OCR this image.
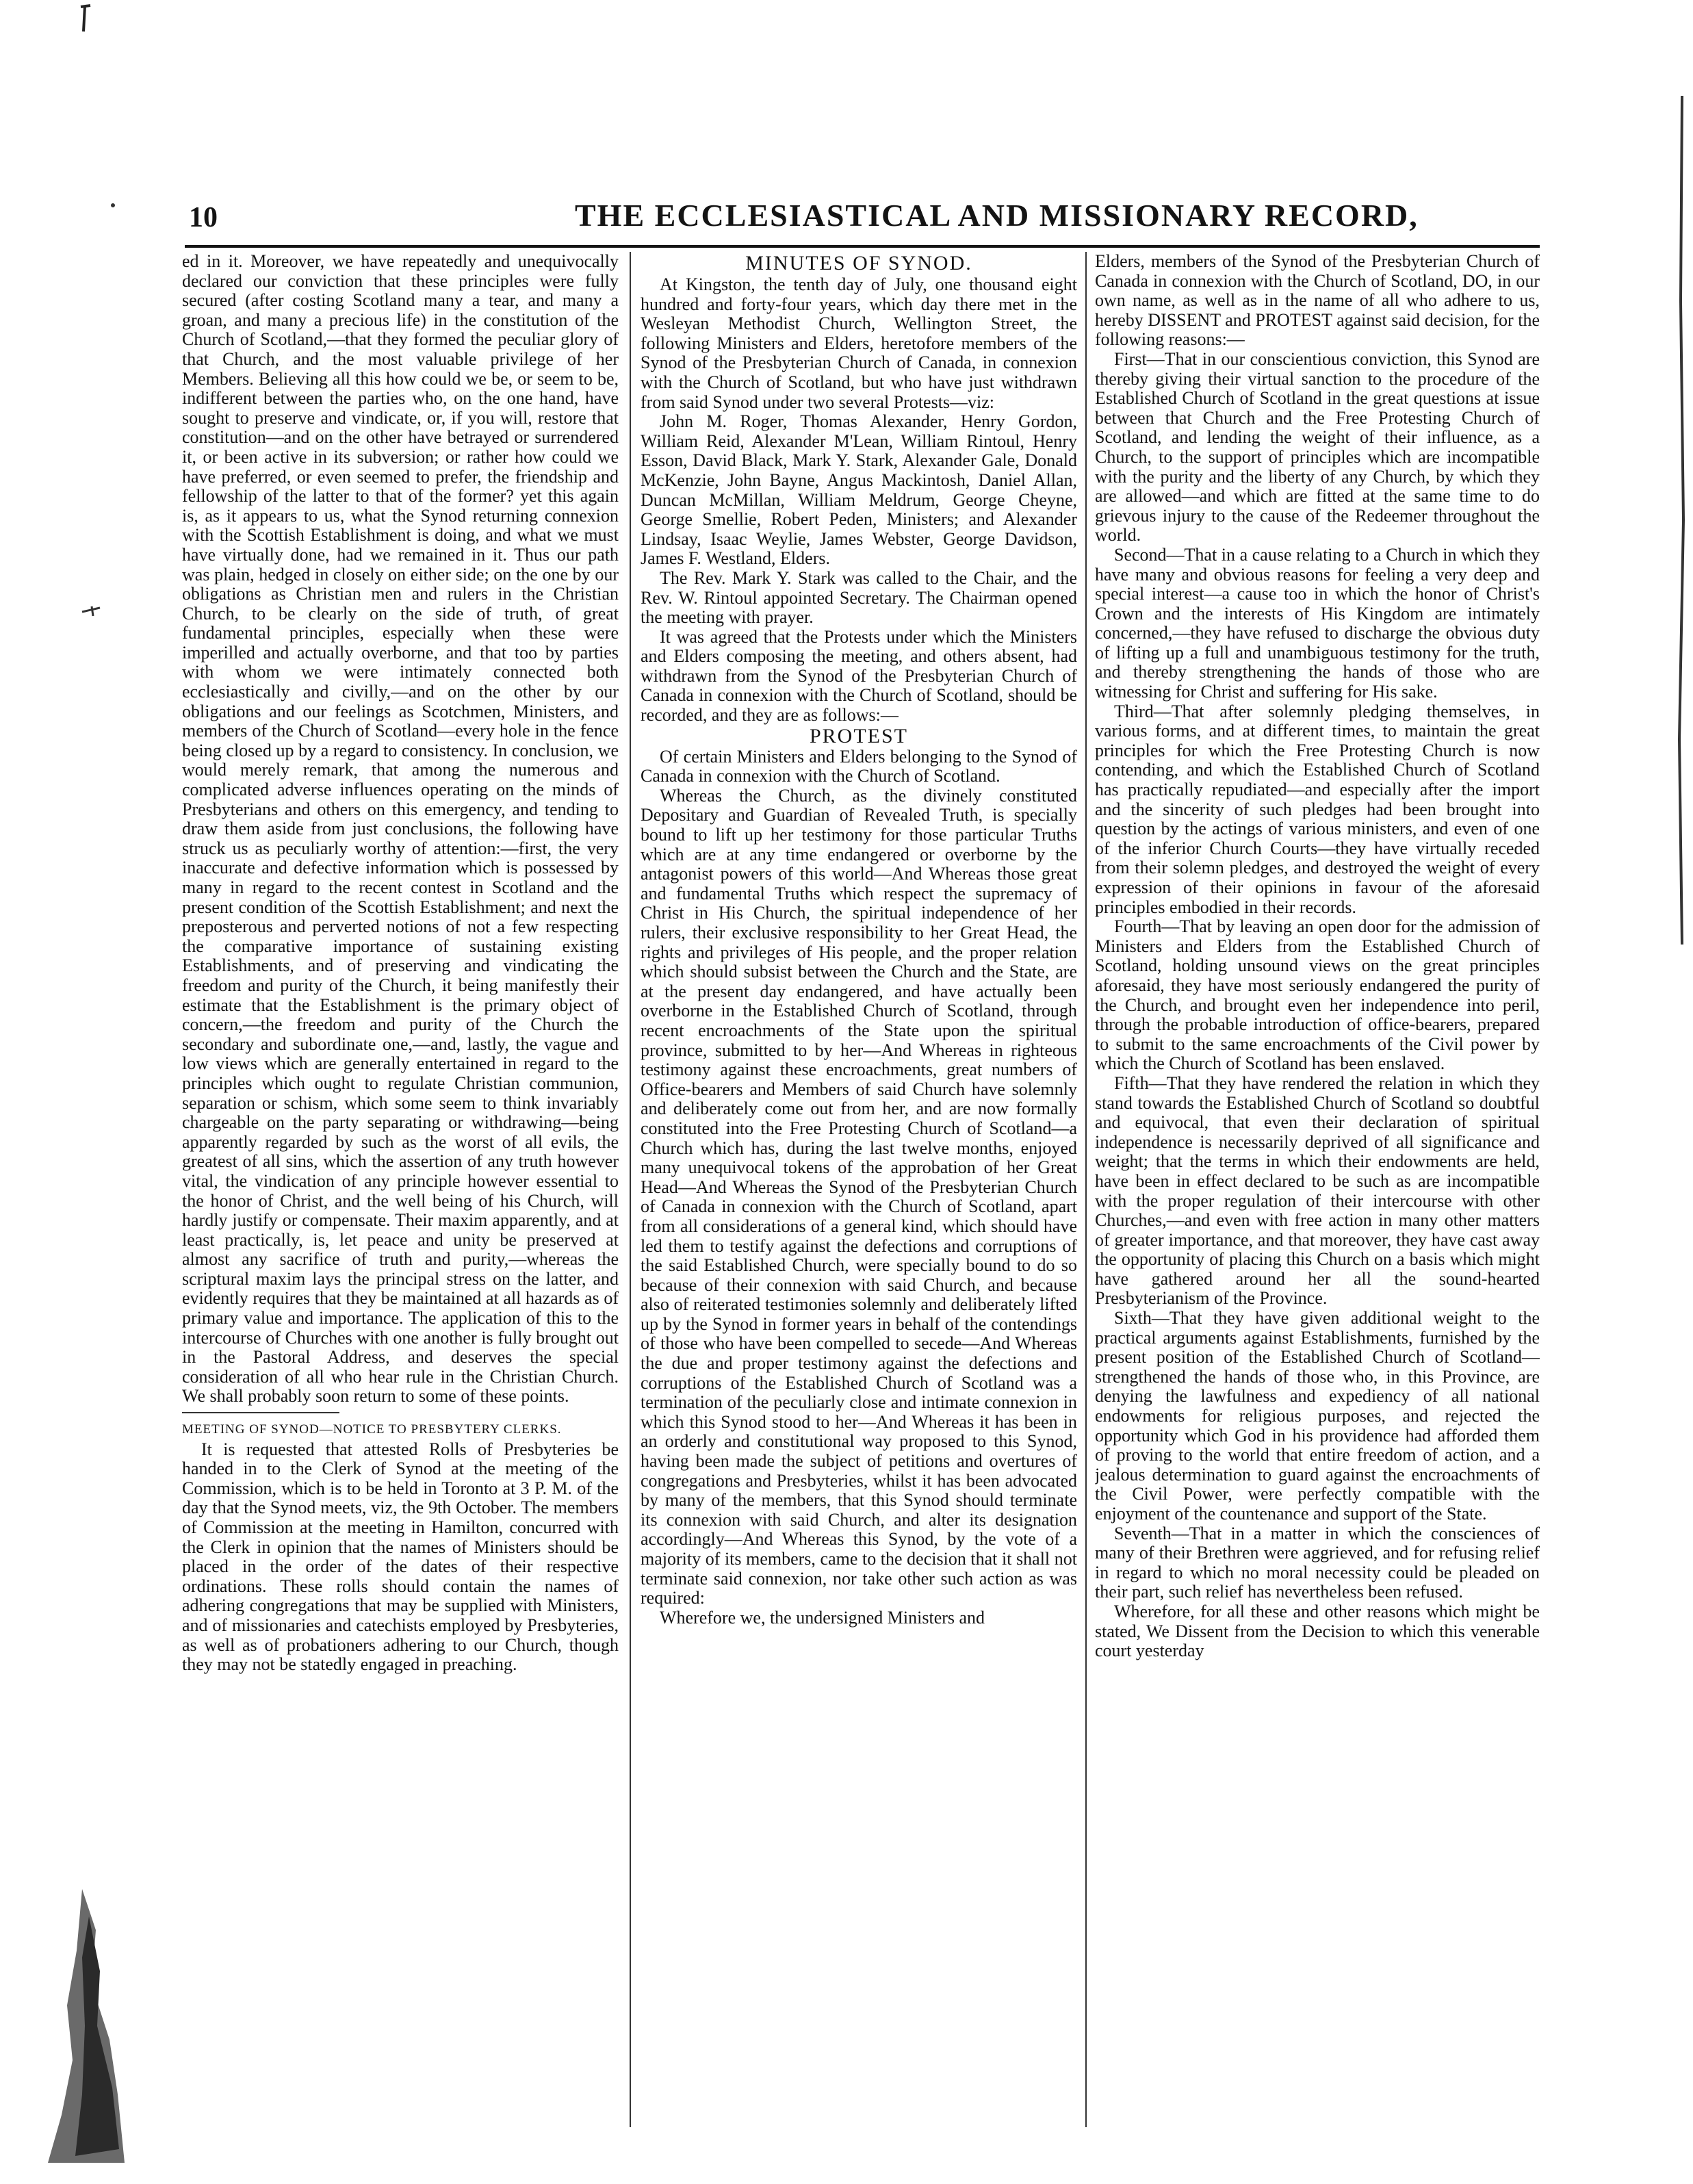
10	THE ECCLESIASTICAL AND MISSIONARY RECORD,

ed in it. Moreover, we have repeatedly and unequivocally declared our conviction that these principles were fully secured (after costing Scotland many a tear, and many a groan, and many a precious life) in the constitution of the Church of Scotland,—that they formed the peculiar glory of that Church, and the most valuable privilege of her Members. Believing all this how could we be, or seem to be, indifferent between the parties who, on the one hand, have sought to preserve and vindicate, or, if you will, restore that constitution—and on the other have betrayed or surrendered it, or been active in its subversion; or rather how could we have preferred, or even seemed to prefer, the friendship and fellowship of the latter to that of the former? yet this again is, as it appears to us, what the Synod returning connexion with the Scottish Establishment is doing, and what we must have virtually done, had we remained in it. Thus our path was plain, hedged in closely on either side; on the one by our obligations as Christian men and rulers in the Christian Church, to be clearly on the side of truth, of great fundamental principles, especially when these were imperilled and actually overborne, and that too by parties with whom we were intimately connected both ecclesiastically and civilly,—and on the other by our obligations and our feelings as Scotchmen, Ministers, and members of the Church of Scotland—every hole in the fence being closed up by a regard to consistency. In conclusion, we would merely remark, that among the numerous and complicated adverse influences operating on the minds of Presbyterians and others on this emergency, and tending to draw them aside from just conclusions, the following have struck us as peculiarly worthy of attention:—first, the very inaccurate and defective information which is possessed by many in regard to the recent contest in Scotland and the present condition of the Scottish Establishment; and next the preposterous and perverted notions of not a few respecting the comparative importance of sustaining existing Establishments, and of preserving and vindicating the freedom and purity of the Church, it being manifestly their estimate that the Establishment is the primary object of concern,—the freedom and purity of the Church the secondary and subordinate one,—and, lastly, the vague and low views which are generally entertained in regard to the principles which ought to regulate Christian communion, separation or schism, which some seem to think invariably chargeable on the party separating or withdrawing—being apparently regarded by such as the worst of all evils, the greatest of all sins, which the assertion of any truth however vital, the vindication of any principle however essential to the honor of Christ, and the well being of his Church, will hardly justify or compensate. Their maxim apparently, and at least practically, is, let peace and unity be preserved at almost any sacrifice of truth and purity,—whereas the scriptural maxim lays the principal stress on the latter, and evidently requires that they be maintained at all hazards as of primary value and importance. The application of this to the intercourse of Churches with one another is fully brought out in the Pastoral Address, and deserves the special consideration of all who hear rule in the Christian Church. We shall probably soon return to some of these points.

MEETING OF SYNOD—NOTICE TO PRESBYTERY CLERKS.

It is requested that attested Rolls of Presbyteries be handed in to the Clerk of Synod at the meeting of the Commission, which is to be held in Toronto at 3 P. M. of the day that the Synod meets, viz, the 9th October. The members of Commission at the meeting in Hamilton, concurred with the Clerk in opinion that the names of Ministers should be placed in the order of the dates of their respective ordinations. These rolls should contain the names of adhering congregations that may be supplied with Ministers, and of missionaries and catechists employed by Presbyteries, as well as of probationers adhering to our Church, though they may not be statedly engaged in preaching.

MINUTES OF SYNOD.

At Kingston, the tenth day of July, one thousand eight hundred and forty-four years, which day there met in the Wesleyan Methodist Church, Wellington Street, the following Ministers and Elders, heretofore members of the Synod of the Presbyterian Church of Canada, in connexion with the Church of Scotland, but who have just withdrawn from said Synod under two several Protests—viz:

John M. Roger, Thomas Alexander, Henry Gordon, William Reid, Alexander M'Lean, William Rintoul, Henry Esson, David Black, Mark Y. Stark, Alexander Gale, Donald McKenzie, John Bayne, Angus Mackintosh, Daniel Allan, Duncan McMillan, William Meldrum, George Cheyne, George Smellie, Robert Peden, Ministers; and Alexander Lindsay, Isaac Weylie, James Webster, George Davidson, James F. Westland, Elders.

The Rev. Mark Y. Stark was called to the Chair, and the Rev. W. Rintoul appointed Secretary. The Chairman opened the meeting with prayer.

It was agreed that the Protests under which the Ministers and Elders composing the meeting, and others absent, had withdrawn from the Synod of the Presbyterian Church of Canada in connexion with the Church of Scotland, should be recorded, and they are as follows:—

PROTEST

Of certain Ministers and Elders belonging to the Synod of Canada in connexion with the Church of Scotland.

Whereas the Church, as the divinely constituted Depositary and Guardian of Revealed Truth, is specially bound to lift up her testimony for those particular Truths which are at any time endangered or overborne by the antagonist powers of this world—And Whereas those great and fundamental Truths which respect the supremacy of Christ in His Church, the spiritual independence of her rulers, their exclusive responsibility to her Great Head, the rights and privileges of His people, and the proper relation which should subsist between the Church and the State, are at the present day endangered, and have actually been overborne in the Established Church of Scotland, through recent encroachments of the State upon the spiritual province, submitted to by her—And Whereas in righteous testimony against these encroachments, great numbers of Office-bearers and Members of said Church have solemnly and deliberately come out from her, and are now formally constituted into the Free Protesting Church of Scotland—a Church which has, during the last twelve months, enjoyed many unequivocal tokens of the approbation of her Great Head—And Whereas the Synod of the Presbyterian Church of Canada in connexion with the Church of Scotland, apart from all considerations of a general kind, which should have led them to testify against the defections and corruptions of the said Established Church, were specially bound to do so because of their connexion with said Church, and because also of reiterated testimonies solemnly and deliberately lifted up by the Synod in former years in behalf of the contendings of those who have been compelled to secede—And Whereas the due and proper testimony against the defections and corruptions of the Established Church of Scotland was a termination of the peculiarly close and intimate connexion in which this Synod stood to her—And Whereas it has been in an orderly and constitutional way proposed to this Synod, having been made the subject of petitions and overtures of congregations and Presbyteries, whilst it has been advocated by many of the members, that this Synod should terminate its connexion with said Church, and alter its designation accordingly—And Whereas this Synod, by the vote of a majority of its members, came to the decision that it shall not terminate said connexion, nor take other such action as was required:

Wherefore we, the undersigned Ministers and

Elders, members of the Synod of the Presbyterian Church of Canada in connexion with the Church of Scotland, DO, in our own name, as well as in the name of all who adhere to us, hereby DISSENT and PROTEST against said decision, for the following reasons:—

First—That in our conscientious conviction, this Synod are thereby giving their virtual sanction to the procedure of the Established Church of Scotland in the great questions at issue between that Church and the Free Protesting Church of Scotland, and lending the weight of their influence, as a Church, to the support of principles which are incompatible with the purity and the liberty of any Church, by which they are allowed—and which are fitted at the same time to do grievous injury to the cause of the Redeemer throughout the world.

Second—That in a cause relating to a Church in which they have many and obvious reasons for feeling a very deep and special interest—a cause too in which the honor of Christ's Crown and the interests of His Kingdom are intimately concerned,—they have refused to discharge the obvious duty of lifting up a full and unambiguous testimony for the truth, and thereby strengthening the hands of those who are witnessing for Christ and suffering for His sake.

Third—That after solemnly pledging themselves, in various forms, and at different times, to maintain the great principles for which the Free Protesting Church is now contending, and which the Established Church of Scotland has practically repudiated—and especially after the import and the sincerity of such pledges had been brought into question by the actings of various ministers, and even of one of the inferior Church Courts—they have virtually receded from their solemn pledges, and destroyed the weight of every expression of their opinions in favour of the aforesaid principles embodied in their records.

Fourth—That by leaving an open door for the admission of Ministers and Elders from the Established Church of Scotland, holding unsound views on the great principles aforesaid, they have most seriously endangered the purity of the Church, and brought even her independence into peril, through the probable introduction of office-bearers, prepared to submit to the same encroachments of the Civil power by which the Church of Scotland has been enslaved.

Fifth—That they have rendered the relation in which they stand towards the Established Church of Scotland so doubtful and equivocal, that even their declaration of spiritual independence is necessarily deprived of all significance and weight; that the terms in which their endowments are held, have been in effect declared to be such as are incompatible with the proper regulation of their intercourse with other Churches,—and even with free action in many other matters of greater importance, and that moreover, they have cast away the opportunity of placing this Church on a basis which might have gathered around her all the sound-hearted Presbyterianism of the Province.

Sixth—That they have given additional weight to the practical arguments against Establishments, furnished by the present position of the Established Church of Scotland—strengthened the hands of those who, in this Province, are denying the lawfulness and expediency of all national endowments for religious purposes, and rejected the opportunity which God in his providence had afforded them of proving to the world that entire freedom of action, and a jealous determination to guard against the encroachments of the Civil Power, were perfectly compatible with the enjoyment of the countenance and support of the State.

Seventh—That in a matter in which the consciences of many of their Brethren were aggrieved, and for refusing relief in regard to which no moral necessity could be pleaded on their part, such relief has nevertheless been refused.

Wherefore, for all these and other reasons which might be stated, We Dissent from the Decision to which this venerable court yesterday
